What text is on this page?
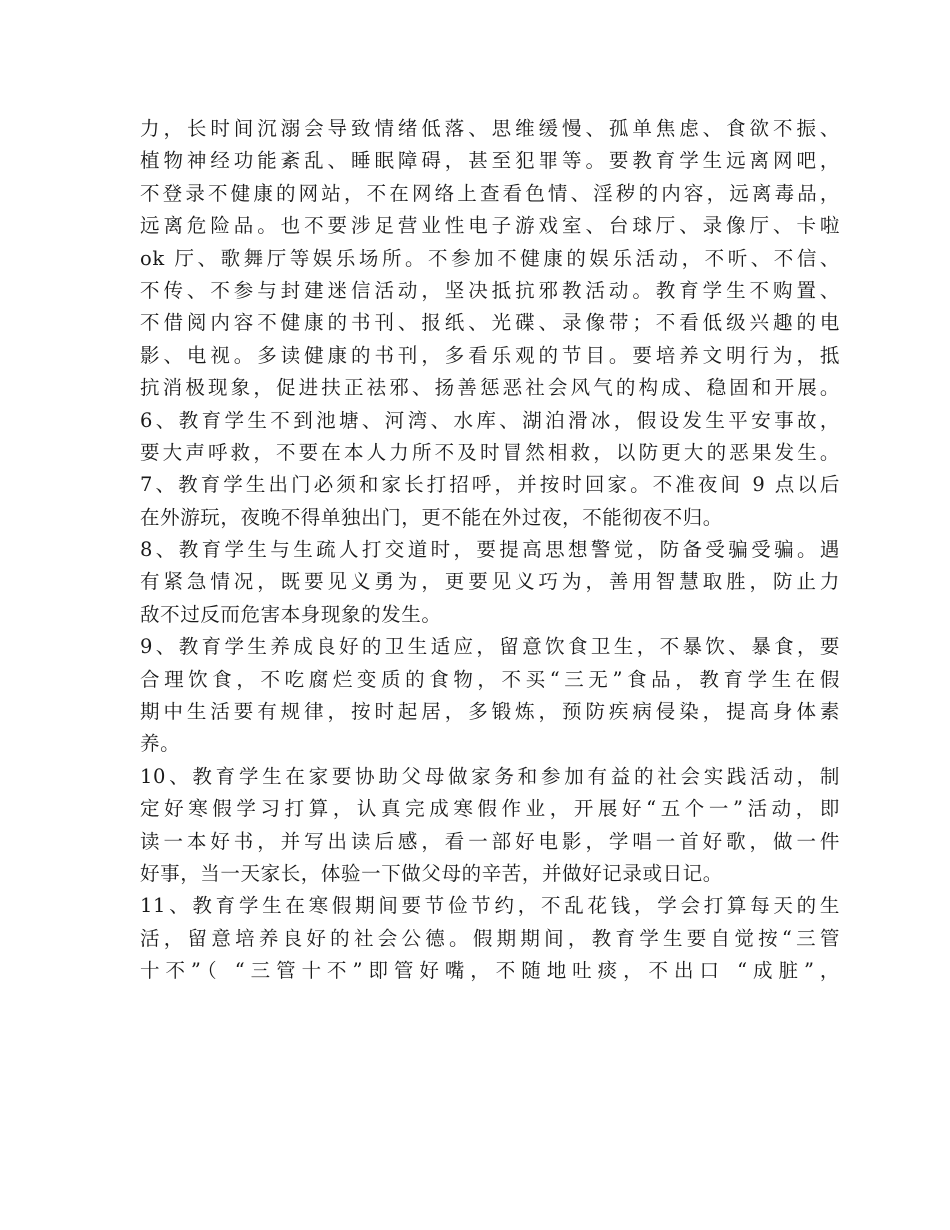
力，长时间沉溺会导致情绪低落、思维缓慢、孤单焦虑、食欲不振、
植物神经功能紊乱、睡眠障碍，甚至犯罪等。要教育学生远离网吧，
不登录不健康的网站，不在网络上查看色情、淫秽的内容，远离毒品，
远离危险品。也不要涉足营业性电子游戏室、台球厅、录像厅、卡啦
ok 厅、歌舞厅等娱乐场所。不参加不健康的娱乐活动，不听、不信、
不传、不参与封建迷信活动，坚决抵抗邪教活动。教育学生不购置、
不借阅内容不健康的书刊、报纸、光碟、录像带；不看低级兴趣的电
影、电视。多读健康的书刊，多看乐观的节目。要培养文明行为，抵
抗消极现象，促进扶正祛邪、扬善惩恶社会风气的构成、稳固和开展。
6、教育学生不到池塘、河湾、水库、湖泊滑冰，假设发生平安事故，
要大声呼救，不要在本人力所不及时冒然相救，以防更大的恶果发生。
7、教育学生出门必须和家长打招呼，并按时回家。不准夜间 9 点以后
在外游玩，夜晚不得单独出门，更不能在外过夜，不能彻夜不归。
8、教育学生与生疏人打交道时，要提高思想警觉，防备受骗受骗。遇
有紧急情况，既要见义勇为，更要见义巧为，善用智慧取胜，防止力
敌不过反而危害本身现象的发生。
9、教育学生养成良好的卫生适应，留意饮食卫生，不暴饮、暴食，要
合理饮食，不吃腐烂变质的食物，不买“三无”食品，教育学生在假
期中生活要有规律，按时起居，多锻炼，预防疾病侵染，提高身体素
养。
10、教育学生在家要协助父母做家务和参加有益的社会实践活动，制
定好寒假学习打算，认真完成寒假作业，开展好“五个一”活动，即
读一本好书，并写出读后感，看一部好电影，学唱一首好歌，做一件
好事，当一天家长，体验一下做父母的辛苦，并做好记录或日记。
11、教育学生在寒假期间要节俭节约，不乱花钱，学会打算每天的生
活，留意培养良好的社会公德。假期期间，教育学生要自觉按“三管
十不”（ “三管十不”即管好嘴，不随地吐痰，不出口 “成脏”，
